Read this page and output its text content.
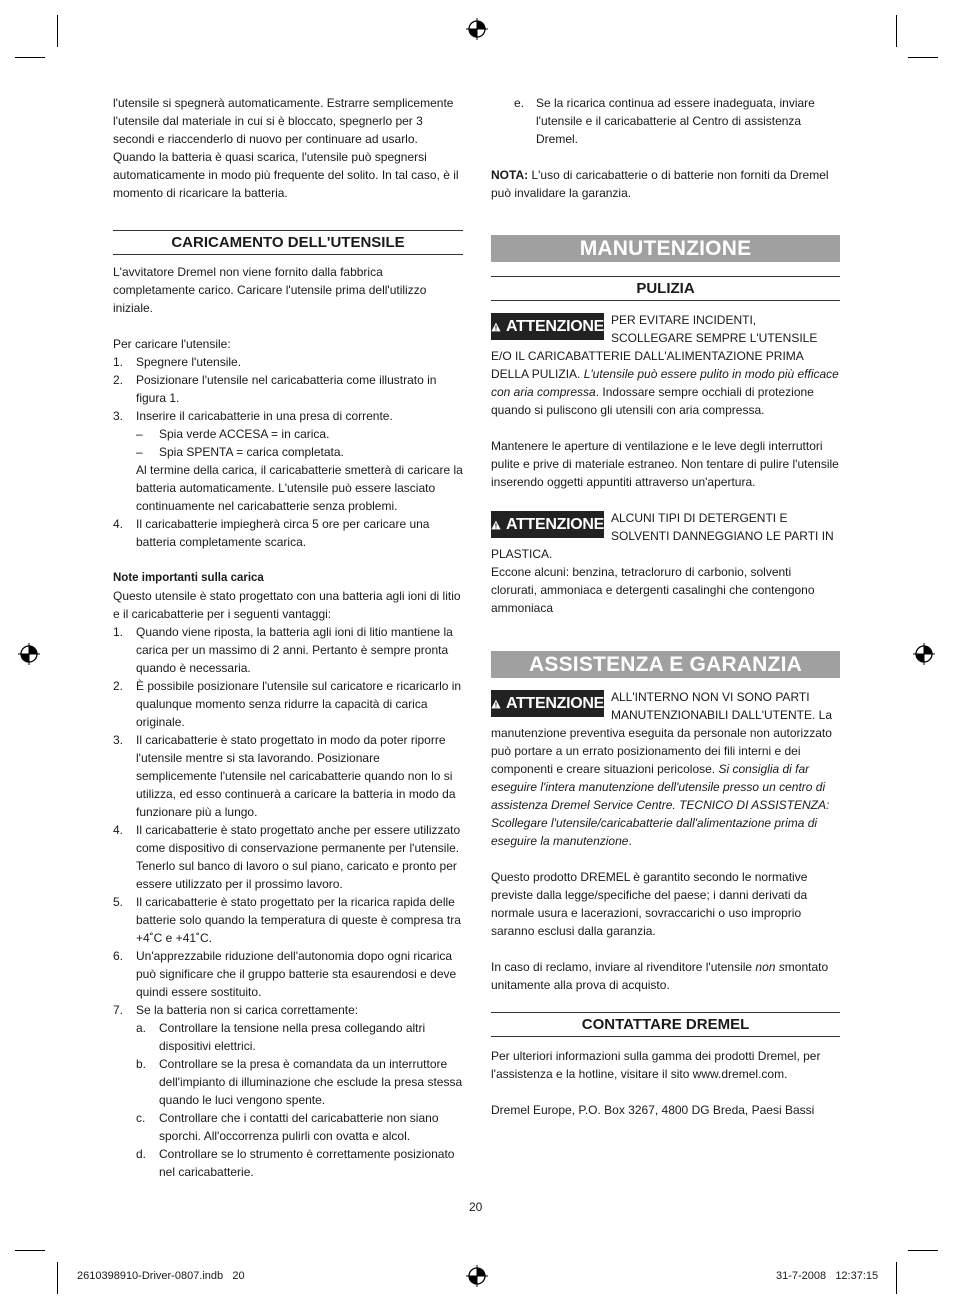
l'utensile si spegnerà automaticamente. Estrarre semplicemente l'utensile dal materiale in cui si è bloccato, spegnerlo per 3 secondi e riaccenderlo di nuovo per continuare ad usarlo. Quando la batteria è quasi scarica, l'utensile può spegnersi automaticamente in modo più frequente del solito. In tal caso, è il momento di ricaricare la batteria.

CARICAMENTO DELL'UTENSILE

L'avvitatore Dremel non viene fornito dalla fabbrica completamente carico. Caricare l'utensile prima dell'utilizzo iniziale.

Per caricare l'utensile:

1. Spegnere l'utensile.
2. Posizionare l'utensile nel caricabatteria come illustrato in figura 1.
3. Inserire il caricabatterie in una presa di corrente.
– Spia verde ACCESA = in carica.
– Spia SPENTA = carica completata.

Al termine della carica, il caricabatterie smetterà di caricare la batteria automaticamente. L'utensile può essere lasciato continuamente nel caricabatterie senza problemi.

4. Il caricabatterie impiegherà circa 5 ore per caricare una batteria completamente scarica.

Note importanti sulla carica

Questo utensile è stato progettato con una batteria agli ioni di litio e il caricabatterie per i seguenti vantaggi:

1. Quando viene riposta, la batteria agli ioni di litio mantiene la carica per un massimo di 2 anni. Pertanto è sempre pronta quando è necessaria.
2. È possibile posizionare l'utensile sul caricatore e ricaricarlo in qualunque momento senza ridurre la capacità di carica originale.
3. Il caricabatterie è stato progettato in modo da poter riporre l'utensile mentre si sta lavorando. Posizionare semplicemente l'utensile nel caricabatterie quando non lo si utilizza, ed esso continuerà a caricare la batteria in modo da funzionare più a lungo.
4. Il caricabatterie è stato progettato anche per essere utilizzato come dispositivo di conservazione permanente per l'utensile. Tenerlo sul banco di lavoro o sul piano, caricato e pronto per essere utilizzato per il prossimo lavoro.
5. Il caricabatterie è stato progettato per la ricarica rapida delle batterie solo quando la temperatura di queste è compresa tra +4˚C e +41˚C.
6. Un'apprezzabile riduzione dell'autonomia dopo ogni ricarica può significare che il gruppo batterie sta esaurendosi e deve quindi essere sostituito.
7. Se la batteria non si carica correttamente:
a. Controllare la tensione nella presa collegando altri dispositivi elettrici.
b. Controllare se la presa è comandata da un interruttore dell'impianto di illuminazione che esclude la presa stessa quando le luci vengono spente.
c. Controllare che i contatti del caricabatterie non siano sporchi. All'occorrenza pulirli con ovatta e alcol.
d. Controllare se lo strumento è correttamente posizionato nel caricabatterie.
e. Se la ricarica continua ad essere inadeguata, inviare l'utensile e il caricabatterie al Centro di assistenza Dremel.

NOTA: L'uso di caricabatterie o di batterie non forniti da Dremel può invalidare la garanzia.

MANUTENZIONE
PULIZIA
ATTENZIONE PER EVITARE INCIDENTI, SCOLLEGARE SEMPRE L'UTENSILE E/O IL CARICABATTERIE DALL'ALIMENTAZIONE PRIMA DELLA PULIZIA. L'utensile può essere pulito in modo più efficace con aria compressa. Indossare sempre occhiali di protezione quando si puliscono gli utensili con aria compressa.

Mantenere le aperture di ventilazione e le leve degli interruttori pulite e prive di materiale estraneo. Non tentare di pulire l'utensile inserendo oggetti appuntiti attraverso un'apertura.

ATTENZIONE ALCUNI TIPI DI DETERGENTI E SOLVENTI DANNEGGIANO LE PARTI IN PLASTICA.

Eccone alcuni: benzina, tetracloruro di carbonio, solventi clorurati, ammoniaca e detergenti casalinghi che contengono ammoniaca

ASSISTENZA E GARANZIA
ATTENZIONE ALL'INTERNO NON VI SONO PARTI MANUTENZIONABILI DALL'UTENTE. La manutenzione preventiva eseguita da personale non autorizzato può portare a un errato posizionamento dei fili interni e dei componenti e creare situazioni pericolose. Si consiglia di far eseguire l'intera manutenzione dell'utensile presso un centro di assistenza Dremel Service Centre. TECNICO DI ASSISTENZA: Scollegare l'utensile/caricabatterie dall'alimentazione prima di eseguire la manutenzione.

Questo prodotto DREMEL è garantito secondo le normative previste dalla legge/specifiche del paese; i danni derivati da normale usura e lacerazioni, sovraccarichi o uso improprio saranno esclusi dalla garanzia.

In caso di reclamo, inviare al rivenditore l'utensile non smontato unitamente alla prova di acquisto.

CONTATTARE DREMEL

Per ulteriori informazioni sulla gamma dei prodotti Dremel, per l'assistenza e la hotline, visitare il sito www.dremel.com.

Dremel Europe, P.O. Box 3267, 4800 DG Breda, Paesi Bassi

20
2610398910-Driver-0807.indb   20	31-7-2008   12:37:15
